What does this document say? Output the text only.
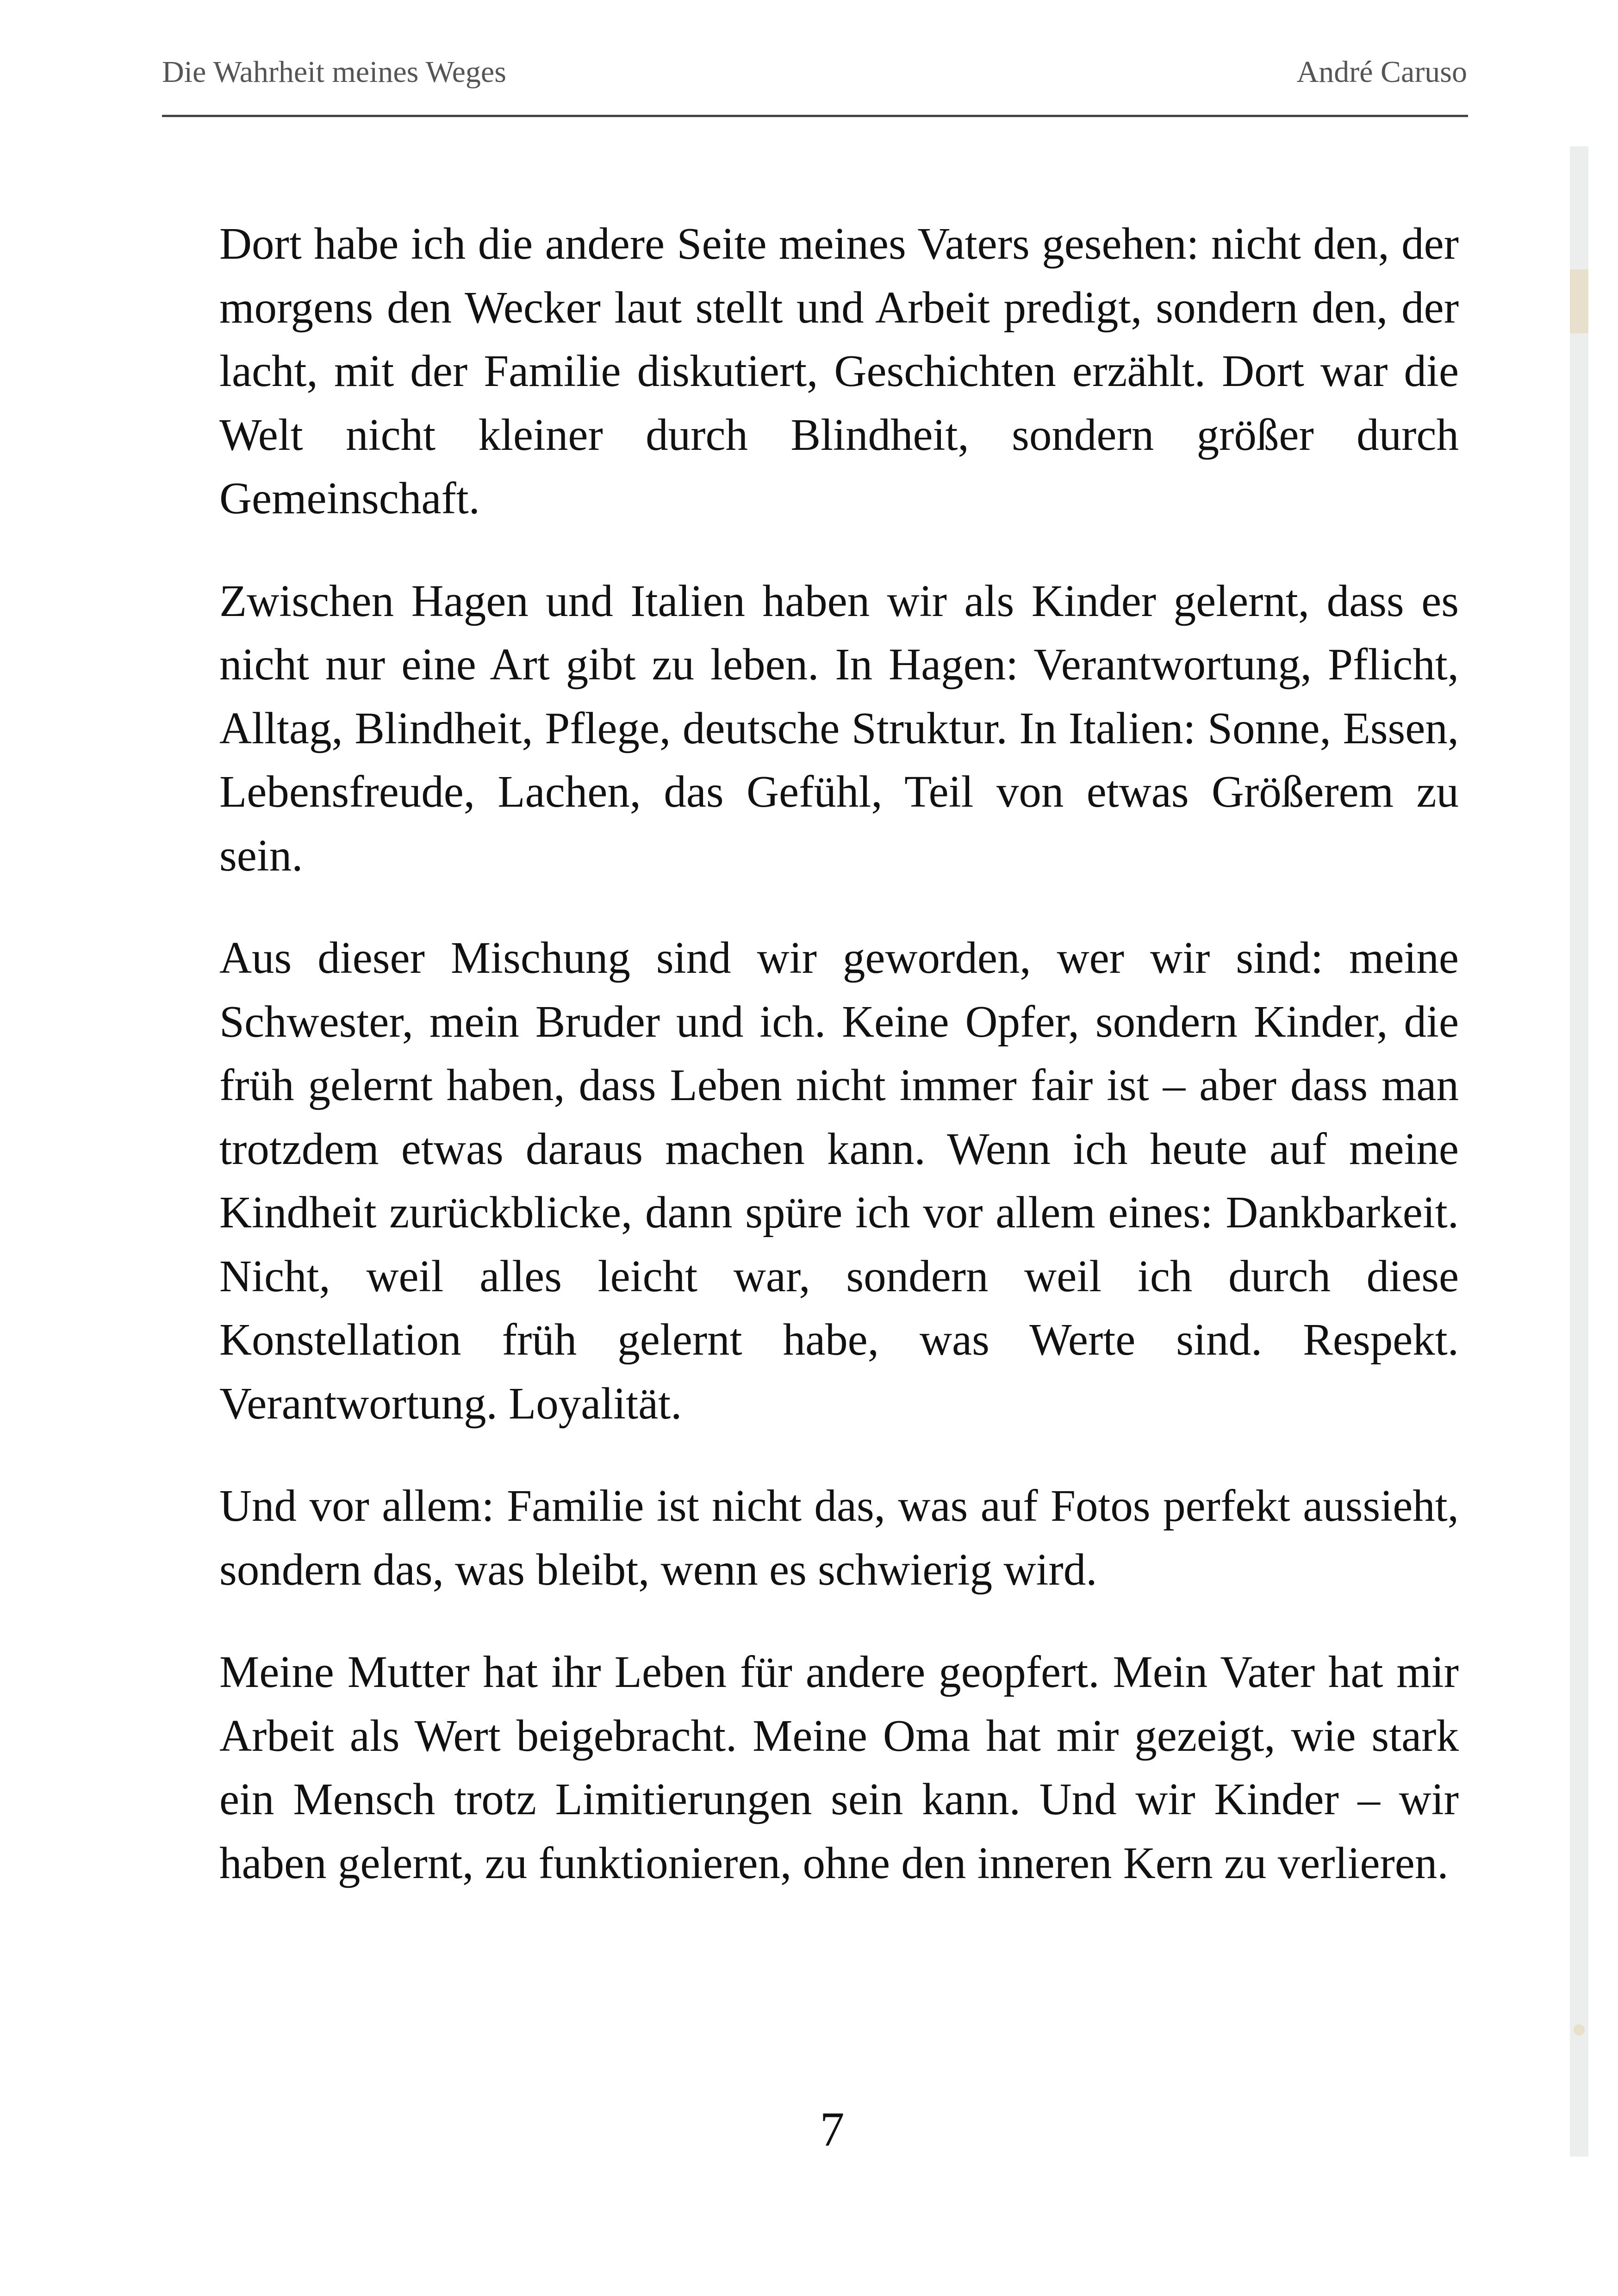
Die Wahrheit meines Weges	André Caruso

Dort habe ich die andere Seite meines Vaters gesehen: nicht den, der morgens den Wecker laut stellt und Arbeit predigt, sondern den, der lacht, mit der Familie diskutiert, Geschichten erzählt. Dort war die Welt nicht kleiner durch Blindheit, sondern größer durch Gemeinschaft.

Zwischen Hagen und Italien haben wir als Kinder gelernt, dass es nicht nur eine Art gibt zu leben. In Hagen: Verantwortung, Pflicht, Alltag, Blindheit, Pflege, deutsche Struktur. In Italien: Sonne, Essen, Lebensfreude, Lachen, das Gefühl, Teil von etwas Größerem zu sein.

Aus dieser Mischung sind wir geworden, wer wir sind: meine Schwester, mein Bruder und ich. Keine Opfer, sondern Kinder, die früh gelernt haben, dass Leben nicht immer fair ist – aber dass man trotzdem etwas daraus machen kann. Wenn ich heute auf meine Kindheit zurückblicke, dann spüre ich vor allem eines: Dankbarkeit. Nicht, weil alles leicht war, sondern weil ich durch diese Konstellation früh gelernt habe, was Werte sind. Respekt. Verantwortung. Loyalität.

Und vor allem: Familie ist nicht das, was auf Fotos perfekt aussieht, sondern das, was bleibt, wenn es schwierig wird.

Meine Mutter hat ihr Leben für andere geopfert. Mein Vater hat mir Arbeit als Wert beigebracht. Meine Oma hat mir gezeigt, wie stark ein Mensch trotz Limitierungen sein kann. Und wir Kinder – wir haben gelernt, zu funktionieren, ohne den inneren Kern zu verlieren.

7
